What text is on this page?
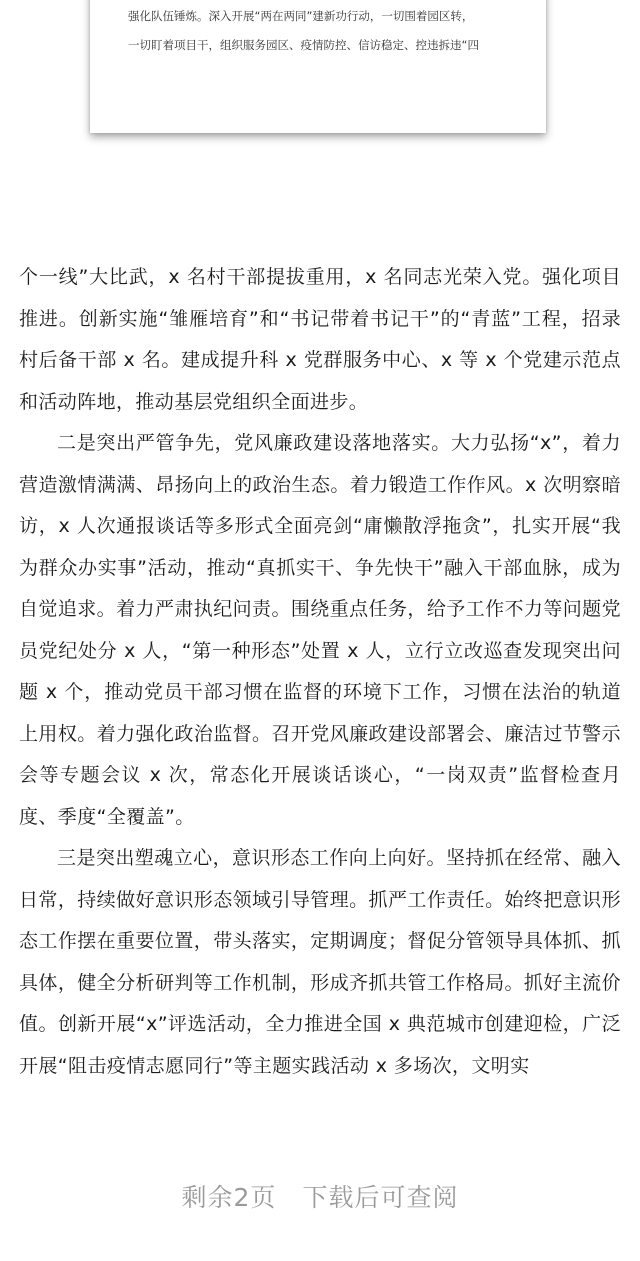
强化队伍锤炼。深入开展“两在两同”建新功行动，一切围着园区转，
一切盯着项目干，组织服务园区、疫情防控、信访稳定、控违拆违“四

个一线”大比武，x 名村干部提拔重用，x 名同志光荣入党。强化项目推进。创新实施“雏雁培育”和“书记带着书记干”的“青蓝”工程，招录村后备干部 x 名。建成提升科 x 党群服务中心、x 等 x 个党建示范点和活动阵地，推动基层党组织全面进步。

二是突出严管争先，党风廉政建设落地落实。大力弘扬“x”，着力营造激情满满、昂扬向上的政治生态。着力锻造工作作风。x 次明察暗访，x 人次通报谈话等多形式全面亮剑“庸懒散浮拖贪”，扎实开展“我为群众办实事”活动，推动“真抓实干、争先快干”融入干部血脉，成为自觉追求。着力严肃执纪问责。围绕重点任务，给予工作不力等问题党员党纪处分 x 人，“第一种形态”处置 x 人，立行立改巡查发现突出问题 x 个，推动党员干部习惯在监督的环境下工作，习惯在法治的轨道上用权。着力强化政治监督。召开党风廉政建设部署会、廉洁过节警示会等专题会议 x 次，常态化开展谈话谈心，“一岗双责”监督检查月度、季度“全覆盖”。

三是突出塑魂立心，意识形态工作向上向好。坚持抓在经常、融入日常，持续做好意识形态领域引导管理。抓严工作责任。始终把意识形态工作摆在重要位置，带头落实，定期调度；督促分管领导具体抓、抓具体，健全分析研判等工作机制，形成齐抓共管工作格局。抓好主流价值。创新开展“x”评选活动，全力推进全国 x 典范城市创建迎检，广泛开展“阻击疫情志愿同行”等主题实践活动 x 多场次，文明实

剩余2页 下载后可查阅
